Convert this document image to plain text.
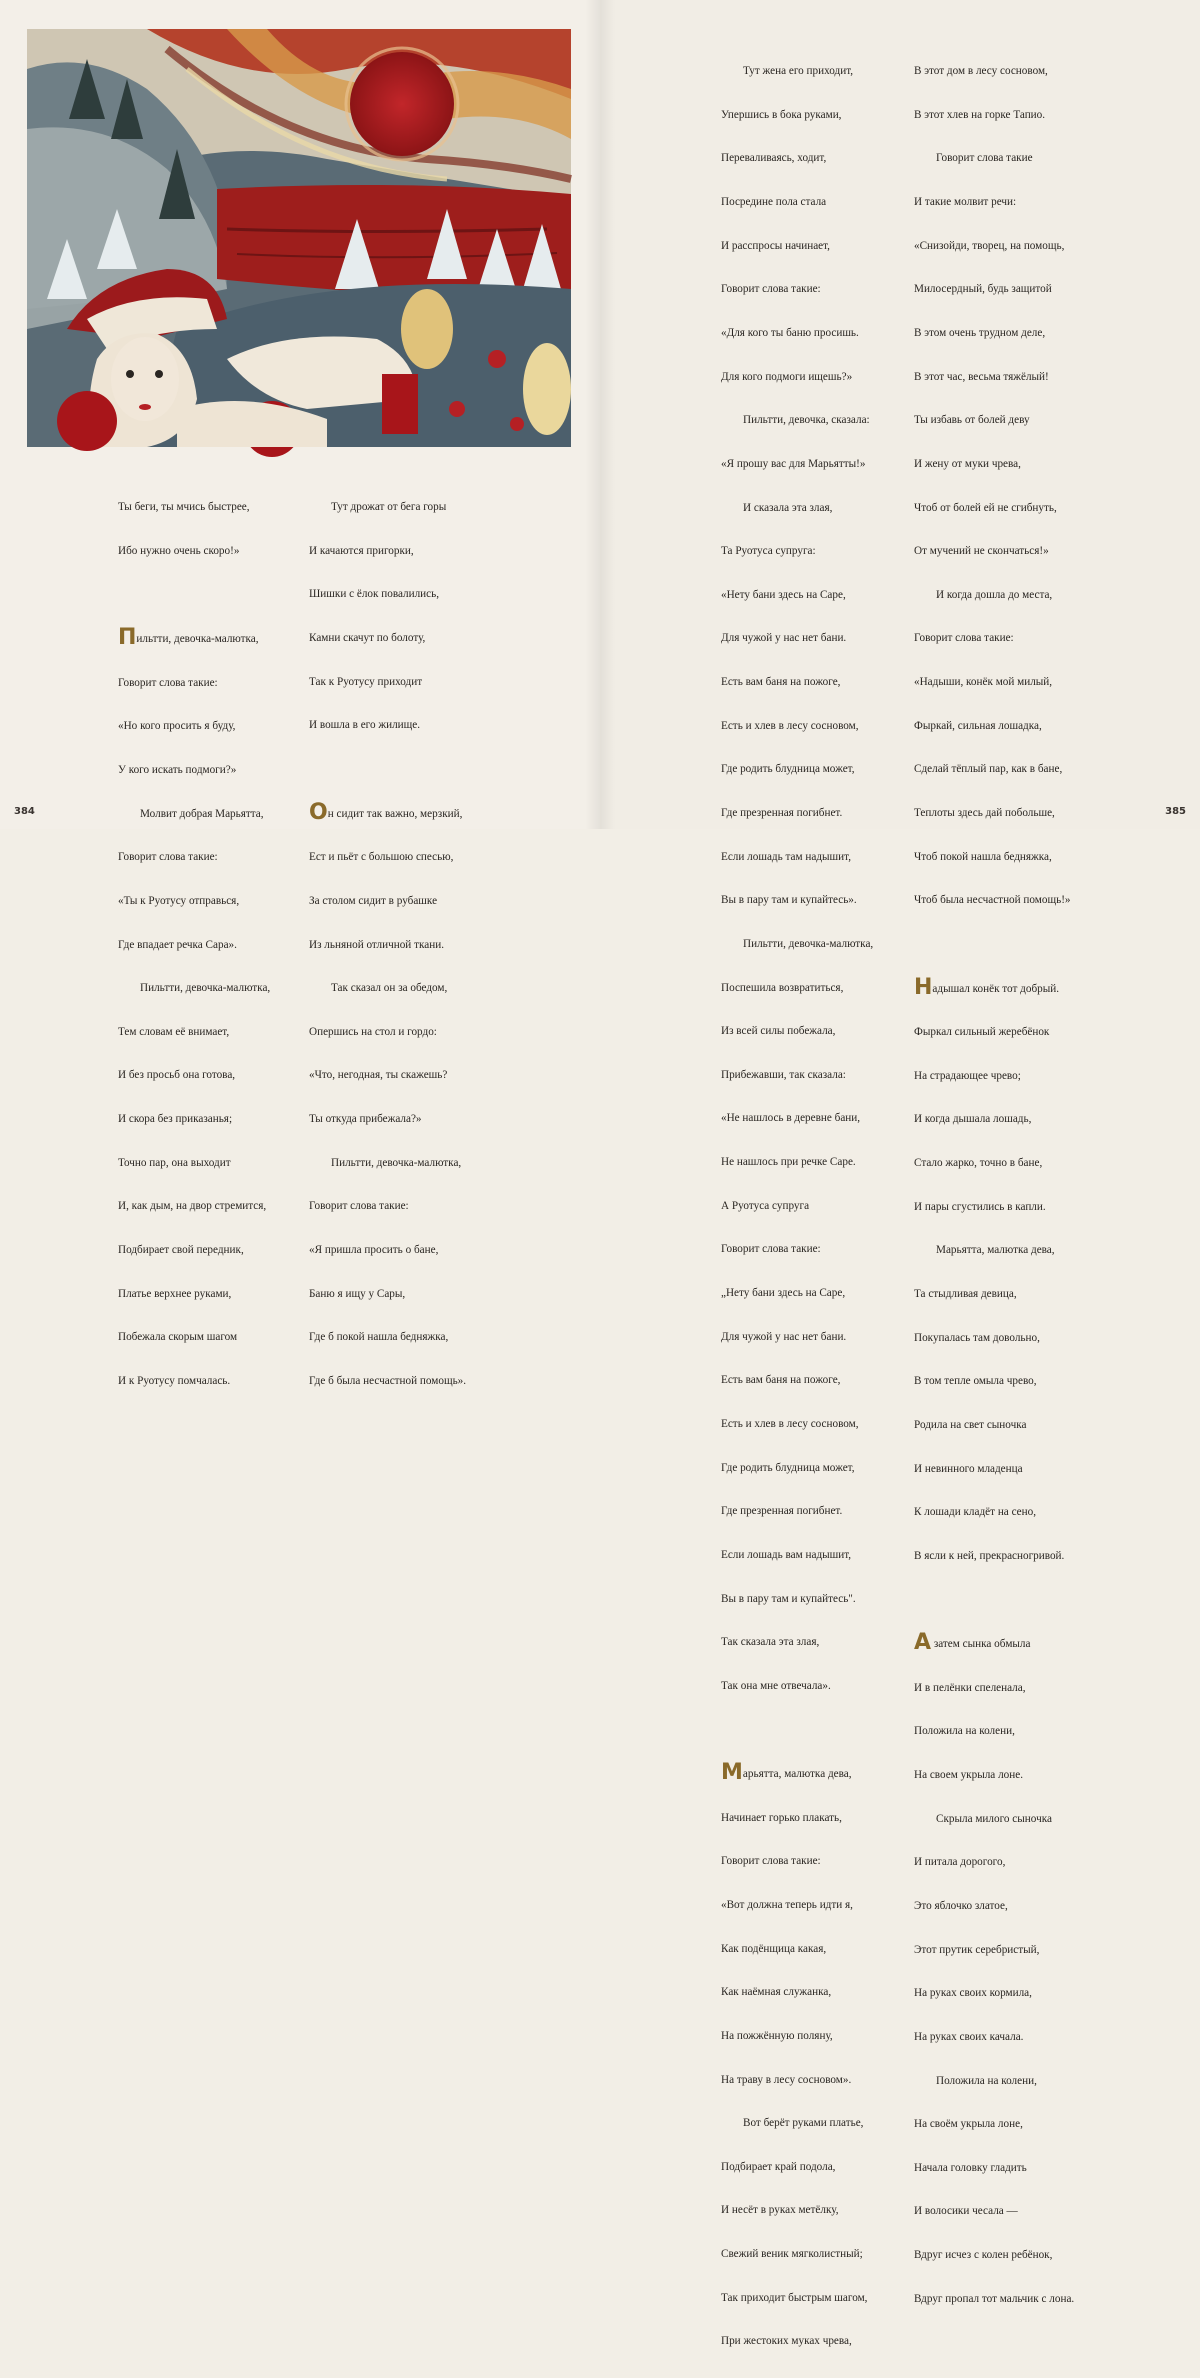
Ты беги, ты мчись быстрее,

Ибо нужно очень скоро!»

Пильтти, девочка-малютка,

Говорит слова такие:

«Но кого просить я буду,

У кого искать подмоги?»

Молвит добрая Марьятта,

Говорит слова такие:

«Ты к Руотусу отправься,

Где впадает речка Сара».

Пильтти, девочка-малютка,

Тем словам её внимает,

И без просьб она готова,

И скора без приказанья;

Точно пар, она выходит

И, как дым, на двор стремится,

Подбирает свой передник,

Платье верхнее руками,

Побежала скорым шагом

И к Руотусу помчалась.

Тут дрожат от бега горы

И качаются пригорки,

Шишки с ёлок повалились,

Камни скачут по болоту,

Так к Руотусу приходит

И вошла в его жилище.

Он сидит так важно, мерзкий,

Ест и пьёт с большою спесью,

За столом сидит в рубашке

Из льняной отличной ткани.

Так сказал он за обедом,

Опершись на стол и гордо:

«Что, негодная, ты скажешь?

Ты откуда прибежала?»

Пильтти, девочка-малютка,

Говорит слова такие:

«Я пришла просить о бане,

Баню я ищу у Сары,

Где б покой нашла бедняжка,

Где б была несчастной помощь».

384

Тут жена его приходит,

Упершись в бока руками,

Переваливаясь, ходит,

Посредине пола стала

И расспросы начинает,

Говорит слова такие:

«Для кого ты баню просишь.

Для кого подмоги ищешь?»

Пильтти, девочка, сказала:

«Я прошу вас для Марьятты!»

И сказала эта злая,

Та Руотуса супруга:

«Нету бани здесь на Саре,

Для чужой у нас нет бани.

Есть вам баня на пожоге,

Есть и хлев в лесу сосновом,

Где родить блудница может,

Где презренная погибнет.

Если лошадь там надышит,

Вы в пару там и купайтесь».

Пильтти, девочка-малютка,

Поспешила возвратиться,

Из всей силы побежала,

Прибежавши, так сказала:

«Не нашлось в деревне бани,

Не нашлось при речке Саре.

А Руотуса супруга

Говорит слова такие:

„Нету бани здесь на Саре,

Для чужой у нас нет бани.

Есть вам баня на пожоге,

Есть и хлев в лесу сосновом,

Где родить блудница может,

Где презренная погибнет.

Если лошадь вам надышит,

Вы в пару там и купайтесь".

Так сказала эта злая,

Так она мне отвечала».

Марьятта, малютка дева,

Начинает горько плакать,

Говорит слова такие:

«Вот должна теперь идти я,

Как подёнщица какая,

Как наёмная служанка,

На пожжённую поляну,

На траву в лесу сосновом».

Вот берёт руками платье,

Подбирает край подола,

И несёт в руках метёлку,

Свежий веник мягколистный;

Так приходит быстрым шагом,

При жестоких муках чрева,

В этот дом в лесу сосновом,

В этот хлев на горке Тапио.

Говорит слова такие

И такие молвит речи:

«Снизойди, творец, на помощь,

Милосердный, будь защитой

В этом очень трудном деле,

В этот час, весьма тяжёлый!

Ты избавь от болей деву

И жену от муки чрева,

Чтоб от болей ей не сгибнуть,

От мучений не скончаться!»

И когда дошла до места,

Говорит слова такие:

«Надыши, конёк мой милый,

Фыркай, сильная лошадка,

Сделай тёплый пар, как в бане,

Теплоты здесь дай побольше,

Чтоб покой нашла бедняжка,

Чтоб была несчастной помощь!»

Надышал конёк тот добрый.

Фыркал сильный жеребёнок

На страдающее чрево;

И когда дышала лошадь,

Стало жарко, точно в бане,

И пары сгустились в капли.

Марьятта, малютка дева,

Та стыдливая девица,

Покупалась там довольно,

В том тепле омыла чрево,

Родила на свет сыночка

И невинного младенца

К лошади кладёт на сено,

В ясли к ней, прекрасногривой.

А затем сынка обмыла

И в пелёнки спеленала,

Положила на колени,

На своем укрыла лоне.

Скрыла милого сыночка

И питала дорогого,

Это яблочко златое,

Этот прутик серебристый,

На руках своих кормила,

На руках своих качала.

Положила на колени,

На своём укрыла лоне,

Начала головку гладить

И волосики чесала —

Вдруг исчез с колен ребёнок,

Вдруг пропал тот мальчик с лона.

385
